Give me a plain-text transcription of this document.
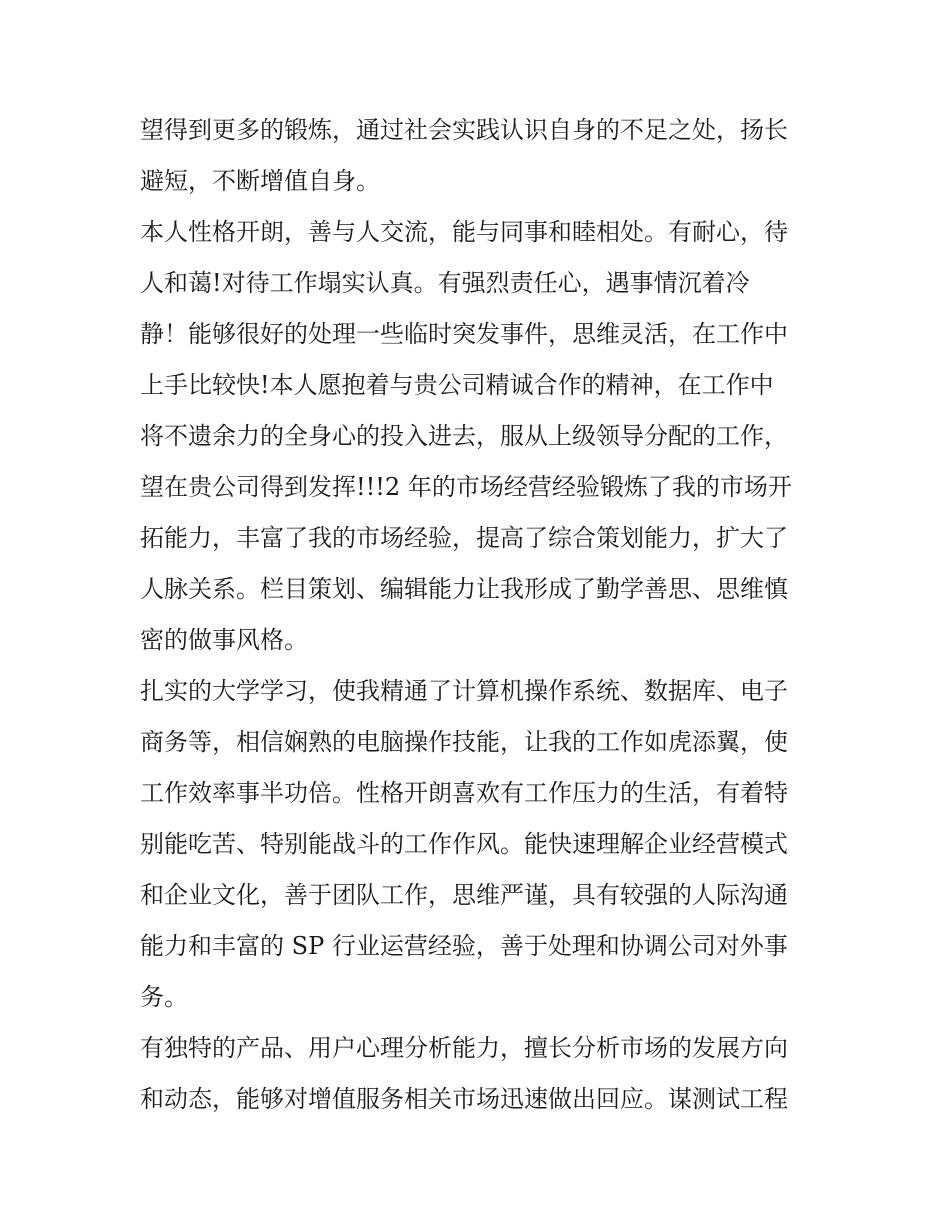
望得到更多的锻炼，通过社会实践认识自身的不足之处，扬长
避短，不断增值自身。
本人性格开朗，善与人交流，能与同事和睦相处。有耐心，待
人和蔼!对待工作塌实认真。有强烈责任心，遇事情沉着冷
静！能够很好的处理一些临时突发事件，思维灵活，在工作中
上手比较快!本人愿抱着与贵公司精诚合作的精神，在工作中
将不遗余力的全身心的投入进去，服从上级领导分配的工作，
望在贵公司得到发挥!!!2 年的市场经营经验锻炼了我的市场开
拓能力，丰富了我的市场经验，提高了综合策划能力，扩大了
人脉关系。栏目策划、编辑能力让我形成了勤学善思、思维慎
密的做事风格。
扎实的大学学习，使我精通了计算机操作系统、数据库、电子
商务等，相信娴熟的电脑操作技能，让我的工作如虎添翼，使
工作效率事半功倍。性格开朗喜欢有工作压力的生活，有着特
别能吃苦、特别能战斗的工作作风。能快速理解企业经营模式
和企业文化，善于团队工作，思维严谨，具有较强的人际沟通
能力和丰富的 SP 行业运营经验，善于处理和协调公司对外事
务。
有独特的产品、用户心理分析能力，擅长分析市场的发展方向
和动态，能够对增值服务相关市场迅速做出回应。谋测试工程
